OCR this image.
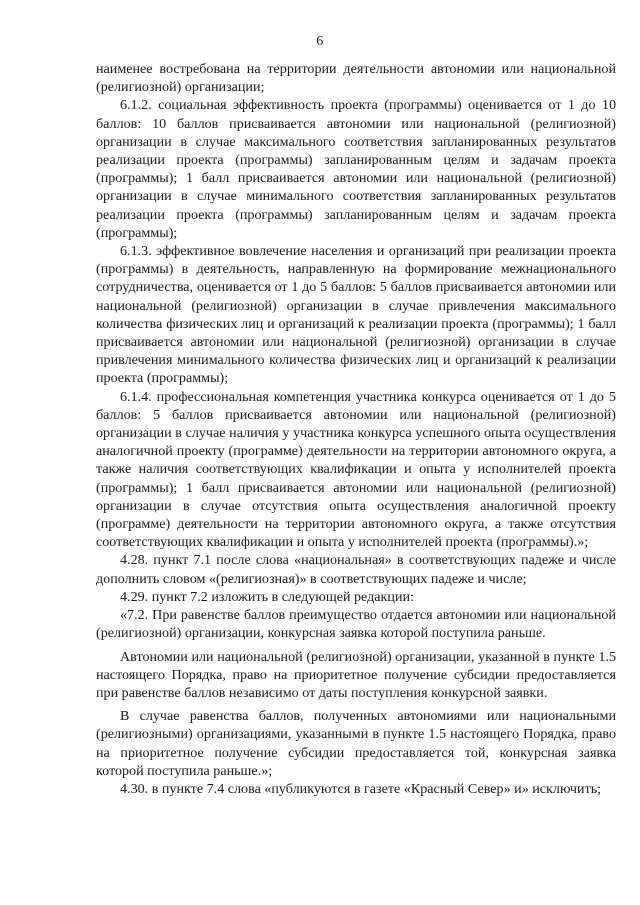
6

наименее востребована на территории деятельности автономии или национальной (религиозной) организации;

6.1.2. социальная эффективность проекта (программы) оценивается от 1 до 10 баллов: 10 баллов присваивается автономии или национальной (религиозной) организации в случае максимального соответствия запланированных результатов реализации проекта (программы) запланированным целям и задачам проекта (программы); 1 балл присваивается автономии или национальной (религиозной) организации в случае минимального соответствия запланированных результатов реализации проекта (программы) запланированным целям и задачам проекта (программы);

6.1.3. эффективное вовлечение населения и организаций при реализации проекта (программы) в деятельность, направленную на формирование межнационального сотрудничества, оценивается от 1 до 5 баллов: 5 баллов присваивается автономии или национальной (религиозной) организации в случае привлечения максимального количества физических лиц и организаций к реализации проекта (программы); 1 балл присваивается автономии или национальной (религиозной) организации в случае привлечения минимального количества физических лиц и организаций к реализации проекта (программы);

6.1.4. профессиональная компетенция участника конкурса оценивается от 1 до 5 баллов: 5 баллов присваивается автономии или национальной (религиозной) организации в случае наличия у участника конкурса успешного опыта осуществления аналогичной проекту (программе) деятельности на территории автономного округа, а также наличия соответствующих квалификации и опыта у исполнителей проекта (программы); 1 балл присваивается автономии или национальной (религиозной) организации в случае отсутствия опыта осуществления аналогичной проекту (программе) деятельности на территории автономного округа, а также отсутствия соответствующих квалификации и опыта у исполнителей проекта (программы).»;

4.28. пункт 7.1 после слова «национальная» в соответствующих падеже и числе дополнить словом «(религиозная)» в соответствующих падеже и числе;

4.29. пункт 7.2 изложить в следующей редакции:

«7.2. При равенстве баллов преимущество отдается автономии или национальной (религиозной) организации, конкурсная заявка которой поступила раньше.

Автономии или национальной (религиозной) организации, указанной в пункте 1.5 настоящего Порядка, право на приоритетное получение субсидии предоставляется при равенстве баллов независимо от даты поступления конкурсной заявки.

В случае равенства баллов, полученных автономиями или национальными (религиозными) организациями, указанными в пункте 1.5 настоящего Порядка, право на приоритетное получение субсидии предоставляется той, конкурсная заявка которой поступила раньше.»;

4.30. в пункте 7.4 слова «публикуются в газете «Красный Север» и» исключить;
